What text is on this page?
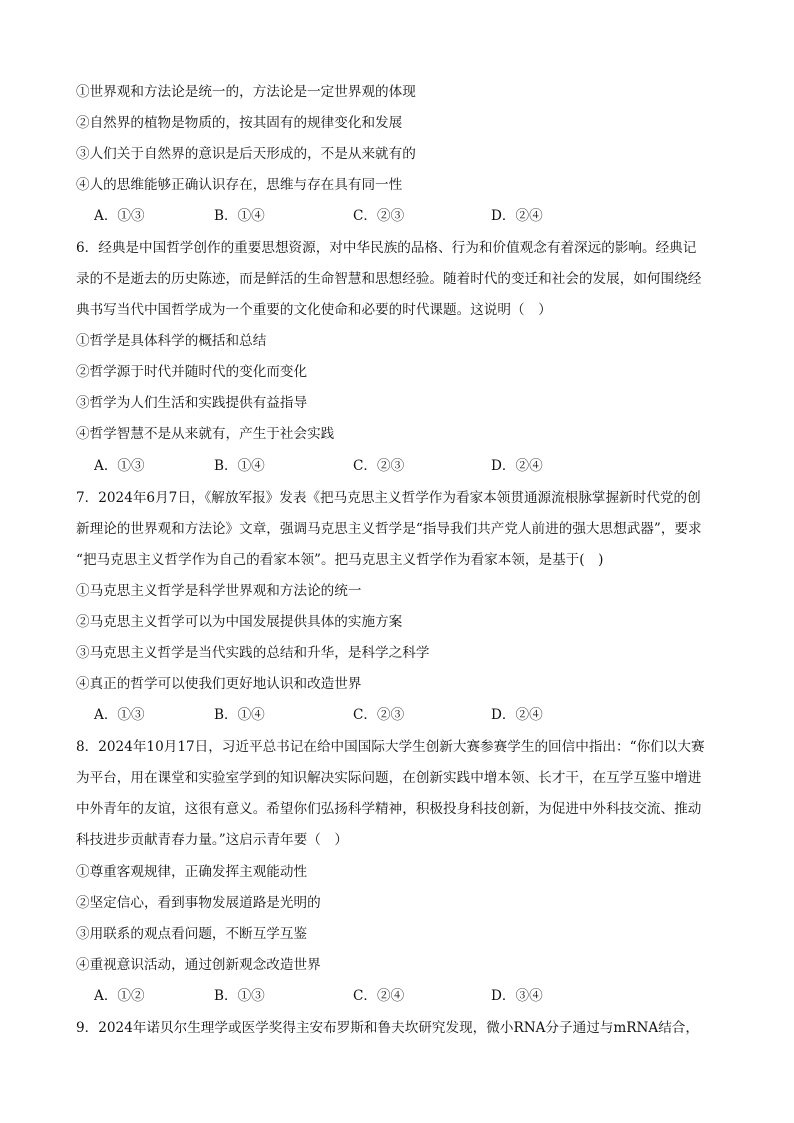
①世界观和方法论是统一的，方法论是一定世界观的体现
②自然界的植物是物质的，按其固有的规律变化和发展
③人们关于自然界的意识是后天形成的，不是从来就有的
④人的思维能够正确认识存在，思维与存在具有同一性
A．①③	B．①④	C．②③	D．②④
6．经典是中国哲学创作的重要思想资源，对中华民族的品格、行为和价值观念有着深远的影响。经典记
录的不是逝去的历史陈迹，而是鲜活的生命智慧和思想经验。随着时代的变迁和社会的发展，如何围绕经
典书写当代中国哲学成为一个重要的文化使命和必要的时代课题。这说明（　）
①哲学是具体科学的概括和总结
②哲学源于时代并随时代的变化而变化
③哲学为人们生活和实践提供有益指导
④哲学智慧不是从来就有，产生于社会实践
A．①③	B．①④	C．②③	D．②④
7．2024年6月7日，《解放军报》发表《把马克思主义哲学作为看家本领贯通源流根脉掌握新时代党的创
新理论的世界观和方法论》文章，强调马克思主义哲学是“指导我们共产党人前进的强大思想武器”，要求
“把马克思主义哲学作为自己的看家本领”。把马克思主义哲学作为看家本领，是基于(　)
①马克思主义哲学是科学世界观和方法论的统一
②马克思主义哲学可以为中国发展提供具体的实施方案
③马克思主义哲学是当代实践的总结和升华，是科学之科学
④真正的哲学可以使我们更好地认识和改造世界
A．①③	B．①④	C．②③	D．②④
8．2024年10月17日，习近平总书记在给中国国际大学生创新大赛参赛学生的回信中指出：“你们以大赛
为平台，用在课堂和实验室学到的知识解决实际问题，在创新实践中增本领、长才干，在互学互鉴中增进
中外青年的友谊，这很有意义。希望你们弘扬科学精神，积极投身科技创新，为促进中外科技交流、推动
科技进步贡献青春力量。”这启示青年要（　）
①尊重客观规律，正确发挥主观能动性
②坚定信心，看到事物发展道路是光明的
③用联系的观点看问题，不断互学互鉴
④重视意识活动，通过创新观念改造世界
A．①②	B．①③	C．②④	D．③④
9．2024年诺贝尔生理学或医学奖得主安布罗斯和鲁夫坎研究发现，微小RNA分子通过与mRNA结合，
